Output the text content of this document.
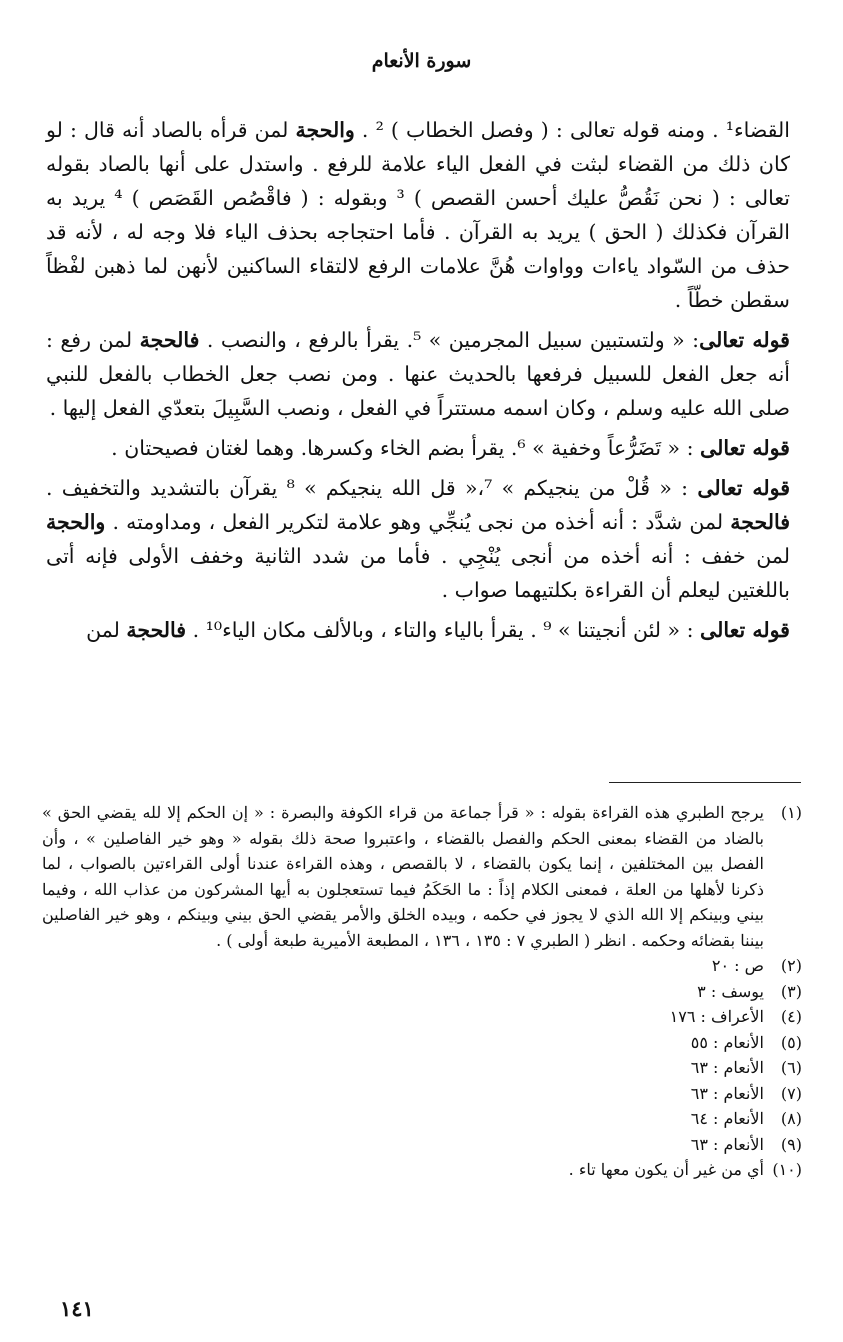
سورة الأنعام

القضاء¹ . ومنه قوله تعالى : ( وفصل الخطاب ) ² . والحجة لمن قرأه بالصاد أنه قال : لو كان ذلك من القضاء لبثت في الفعل الياء علامة للرفع . واستدل على أنها بالصاد بقوله تعالى : ( نحن نَقُصُّ عليك أحسن القصص ) ³ وبقوله : ( فاقْصُص القَصَص ) ⁴ يريد به القرآن فكذلك ( الحق ) يريد به القرآن . فأما احتجاجه بحذف الياء فلا وجه له ، لأنه قد حذف من السّواد ياءات وواوات هُنَّ علامات الرفع لالتقاء الساكنين لأنهن لما ذهبن لفْظاً سقطن خطّاً .

قوله تعالى: « ولتستبين سبيل المجرمين » ⁵. يقرأ بالرفع ، والنصب . فالحجة لمن رفع : أنه جعل الفعل للسبيل فرفعها بالحديث عنها . ومن نصب جعل الخطاب بالفعل للنبي صلى الله عليه وسلم ، وكان اسمه مستتراً في الفعل ، ونصب السَّبِيلَ بتعدّي الفعل إليها .

قوله تعالى : « تَضَرُّعاً وخفية » ⁶. يقرأ بضم الخاء وكسرها. وهما لغتان فصيحتان .

قوله تعالى : « قُلْ من ينجيكم » ⁷،« قل الله ينجيكم » ⁸ يقرآن بالتشديد والتخفيف . فالحجة لمن شدَّد : أنه أخذه من نجى يُنجِّي وهو علامة لتكرير الفعل ، ومداومته . والحجة لمن خفف : أنه أخذه من أنجى يُنْجِي . فأما من شدد الثانية وخفف الأولى فإنه أتى باللغتين ليعلم أن القراءة بكلتيهما صواب .

قوله تعالى : « لئن أنجيتنا » ⁹ . يقرأ بالياء والتاء ، وبالألف مكان الياء¹⁰ . فالحجة لمن

(١)
يرجح الطبري هذه القراءة بقوله : « قرأ جماعة من قراء الكوفة والبصرة : « إن الحكم إلا لله يقضي الحق » بالضاد من القضاء بمعنى الحكم والفصل بالقضاء ، واعتبروا صحة ذلك بقوله « وهو خير الفاصلين » ، وأن الفصل بين المختلفين ، إنما يكون بالقضاء ، لا بالقصص ، وهذه القراءة عندنا أولى القراءتين بالصواب ، لما ذكرنا لأهلها من العلة ، فمعنى الكلام إذاً : ما الحَكَمُ فيما تستعجلون به أيها المشركون من عذاب الله ، وفيما بيني وبينكم إلا الله الذي لا يجوز في حكمه ، وبيده الخلق والأمر يقضي الحق بيني وبينكم ، وهو خير الفاصلين بيننا بقضائه وحكمه . انظر ( الطبري ٧ : ١٣٥ ، ١٣٦ ، المطبعة الأميرية طبعة أولى ) .
(٢)
ص : ٢٠
(٣)
يوسف : ٣
(٤)
الأعراف : ١٧٦
(٥)
الأنعام : ٥٥
(٦)
الأنعام : ٦٣
(٧)
الأنعام : ٦٣
(٨)
الأنعام : ٦٤
(٩)
الأنعام : ٦٣
(١٠)
أي من غير أن يكون معها تاء .
١٤١
